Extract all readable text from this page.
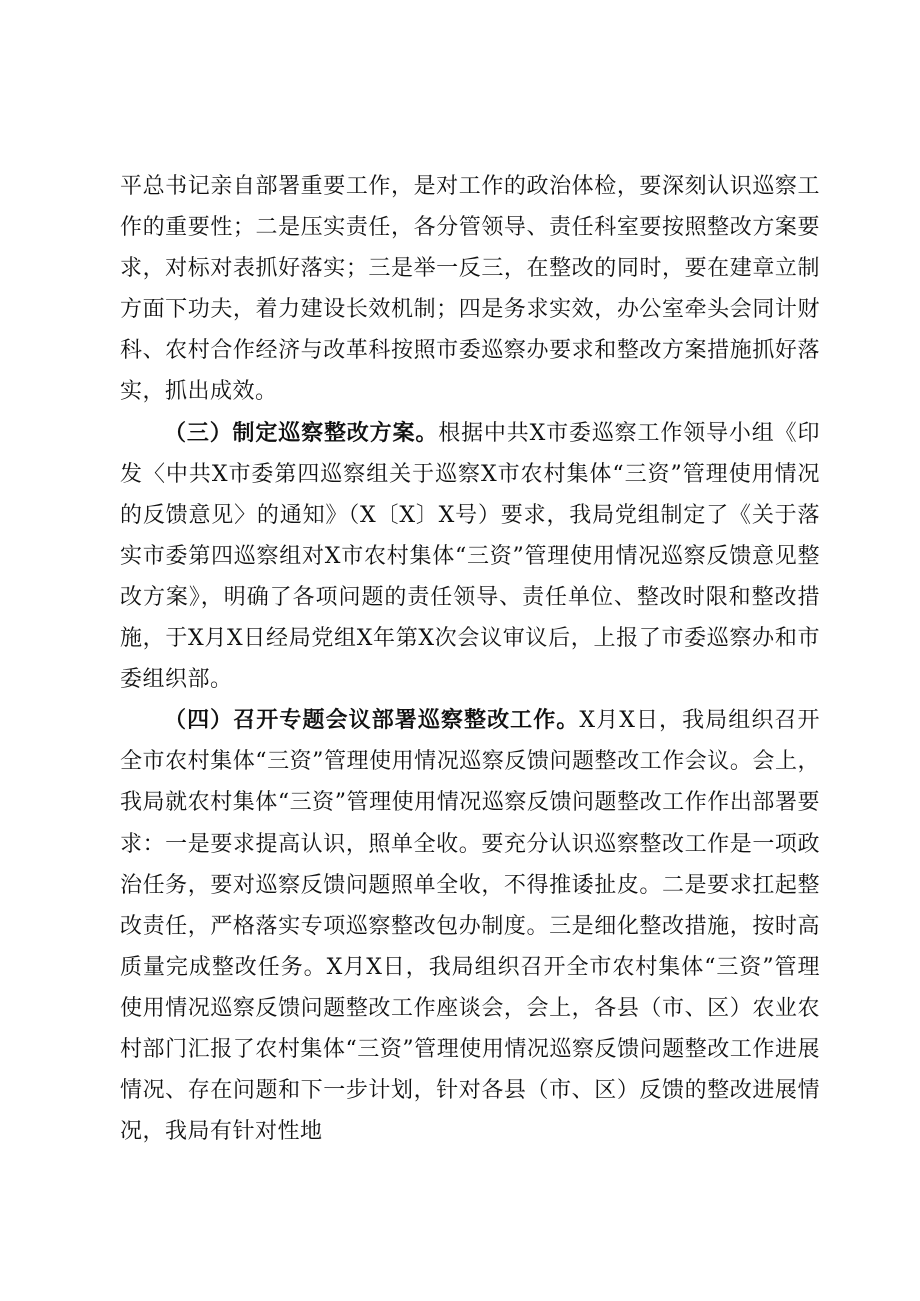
平总书记亲自部署重要工作，是对工作的政治体检，要深刻认识巡察工作的重要性；二是压实责任，各分管领导、责任科室要按照整改方案要求，对标对表抓好落实；三是举一反三，在整改的同时，要在建章立制方面下功夫，着力建设长效机制；四是务求实效，办公室牵头会同计财科、农村合作经济与改革科按照市委巡察办要求和整改方案措施抓好落实，抓出成效。

（三）制定巡察整改方案。根据中共X市委巡察工作领导小组《印发〈中共X市委第四巡察组关于巡察X市农村集体“三资”管理使用情况的反馈意见〉的通知》（X〔X〕X号）要求，我局党组制定了《关于落实市委第四巡察组对X市农村集体“三资”管理使用情况巡察反馈意见整改方案》，明确了各项问题的责任领导、责任单位、整改时限和整改措施，于X月X日经局党组X年第X次会议审议后，上报了市委巡察办和市委组织部。

（四）召开专题会议部署巡察整改工作。X月X日，我局组织召开全市农村集体“三资”管理使用情况巡察反馈问题整改工作会议。会上，我局就农村集体“三资”管理使用情况巡察反馈问题整改工作作出部署要求：一是要求提高认识，照单全收。要充分认识巡察整改工作是一项政治任务，要对巡察反馈问题照单全收，不得推诿扯皮。二是要求扛起整改责任，严格落实专项巡察整改包办制度。三是细化整改措施，按时高质量完成整改任务。X月X日，我局组织召开全市农村集体“三资”管理使用情况巡察反馈问题整改工作座谈会，会上，各县（市、区）农业农村部门汇报了农村集体“三资”管理使用情况巡察反馈问题整改工作进展情况、存在问题和下一步计划，针对各县（市、区）反馈的整改进展情况，我局有针对性地
